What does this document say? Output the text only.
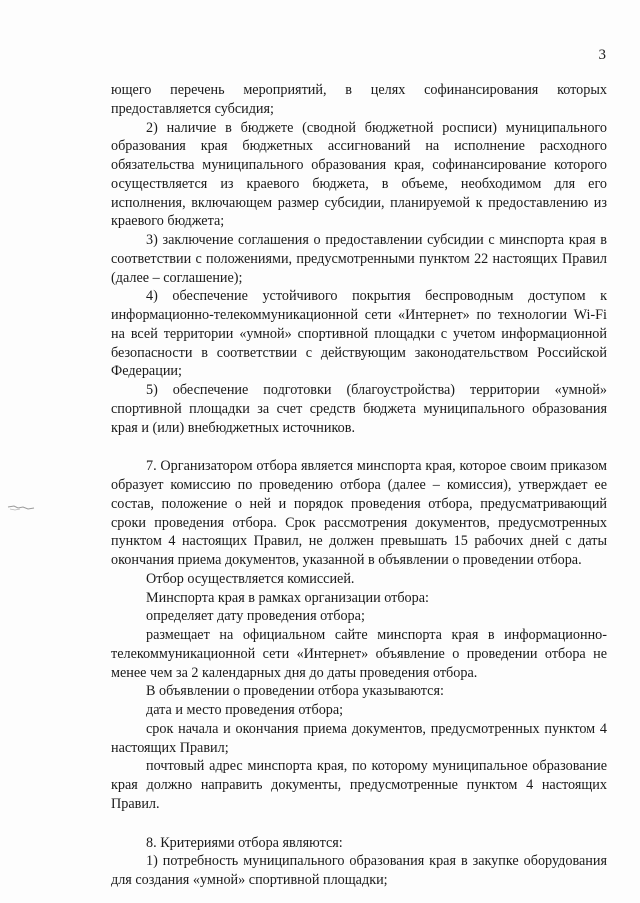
3

ющего перечень мероприятий, в целях софинансирования которых предоставляется субсидия;

2) наличие в бюджете (сводной бюджетной росписи) муниципального образования края бюджетных ассигнований на исполнение расходного обязательства муниципального образования края, софинансирование которого осуществляется из краевого бюджета, в объеме, необходимом для его исполнения, включающем размер субсидии, планируемой к предоставлению из краевого бюджета;

3) заключение соглашения о предоставлении субсидии с минспорта края в соответствии с положениями, предусмотренными пунктом 22 настоящих Правил (далее – соглашение);

4) обеспечение устойчивого покрытия беспроводным доступом к информационно-телекоммуникационной сети «Интернет» по технологии Wi-Fi на всей территории «умной» спортивной площадки с учетом информационной безопасности в соответствии с действующим законодательством Российской Федерации;

5) обеспечение подготовки (благоустройства) территории «умной» спортивной площадки за счет средств бюджета муниципального образования края и (или) внебюджетных источников.

7. Организатором отбора является минспорта края, которое своим приказом образует комиссию по проведению отбора (далее – комиссия), утверждает ее состав, положение о ней и порядок проведения отбора, предусматривающий сроки проведения отбора. Срок рассмотрения документов, предусмотренных пунктом 4 настоящих Правил, не должен превышать 15 рабочих дней с даты окончания приема документов, указанной в объявлении о проведении отбора.

Отбор осуществляется комиссией.

Минспорта края в рамках организации отбора:

определяет дату проведения отбора;

размещает на официальном сайте минспорта края в информационно-телекоммуникационной сети «Интернет» объявление о проведении отбора не менее чем за 2 календарных дня до даты проведения отбора.

В объявлении о проведении отбора указываются:

дата и место проведения отбора;

срок начала и окончания приема документов, предусмотренных пунктом 4 настоящих Правил;

почтовый адрес минспорта края, по которому муниципальное образование края должно направить документы, предусмотренные пунктом 4 настоящих Правил.

8. Критериями отбора являются:

1) потребность муниципального образования края в закупке оборудования для создания «умной» спортивной площадки;
